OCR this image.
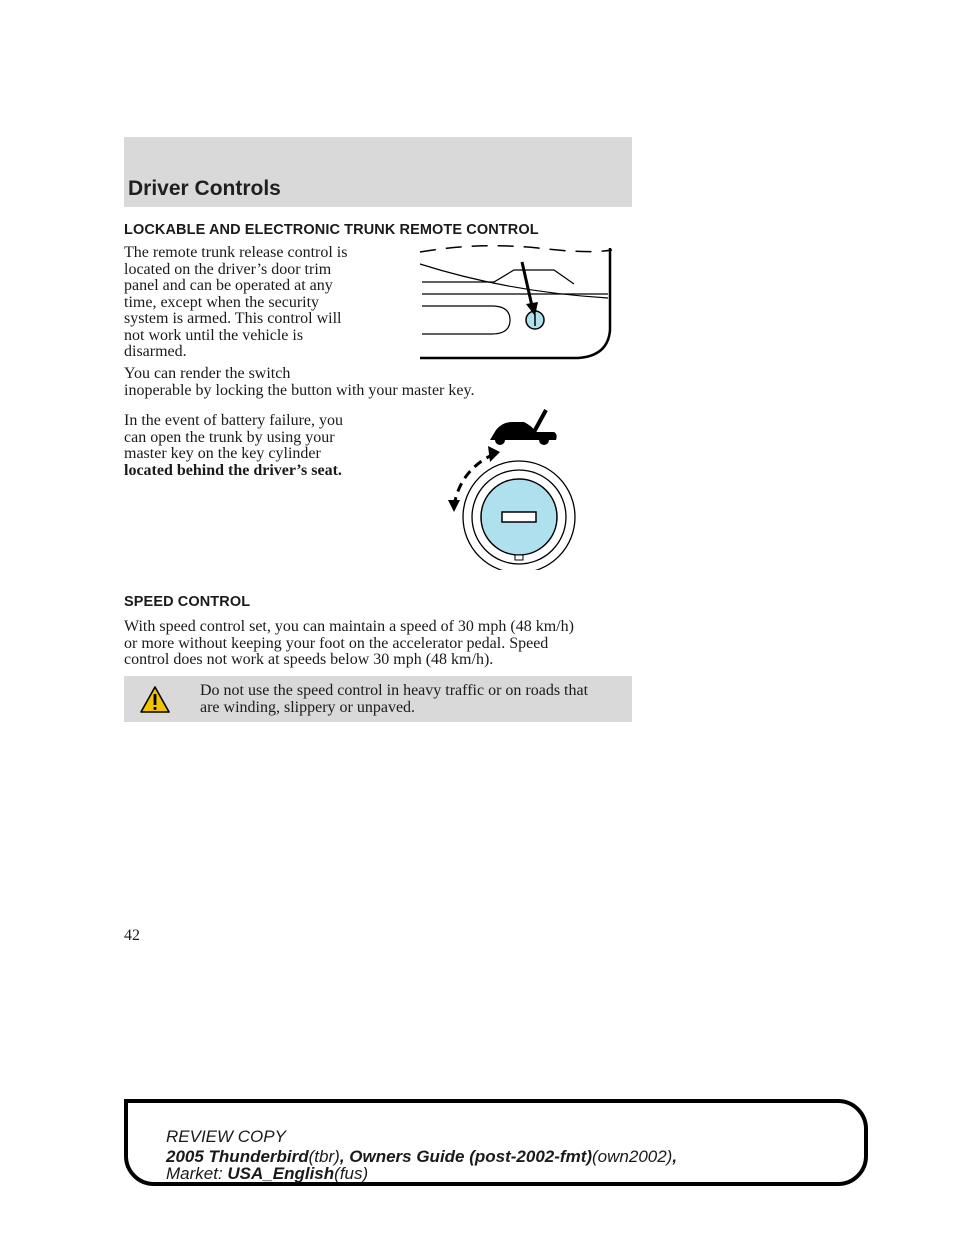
Driver Controls
LOCKABLE AND ELECTRONIC TRUNK REMOTE CONTROL

The remote trunk release control is
located on the driver’s door trim
panel and can be operated at any
time, except when the security
system is armed. This control will
not work until the vehicle is
disarmed.

You can render the switch
inoperable by locking the button with your master key.

In the event of battery failure, you
can open the trunk by using your
master key on the key cylinder
located behind the driver’s seat.

SPEED CONTROL

With speed control set, you can maintain a speed of 30 mph (48 km/h)
or more without keeping your foot on the accelerator pedal. Speed
control does not work at speeds below 30 mph (48 km/h).

Do not use the speed control in heavy traffic or on roads that
are winding, slippery or unpaved.

42
REVIEW COPY
2005 Thunderbird(tbr), Owners Guide (post-2002-fmt)(own2002),
Market: USA_English(fus)
